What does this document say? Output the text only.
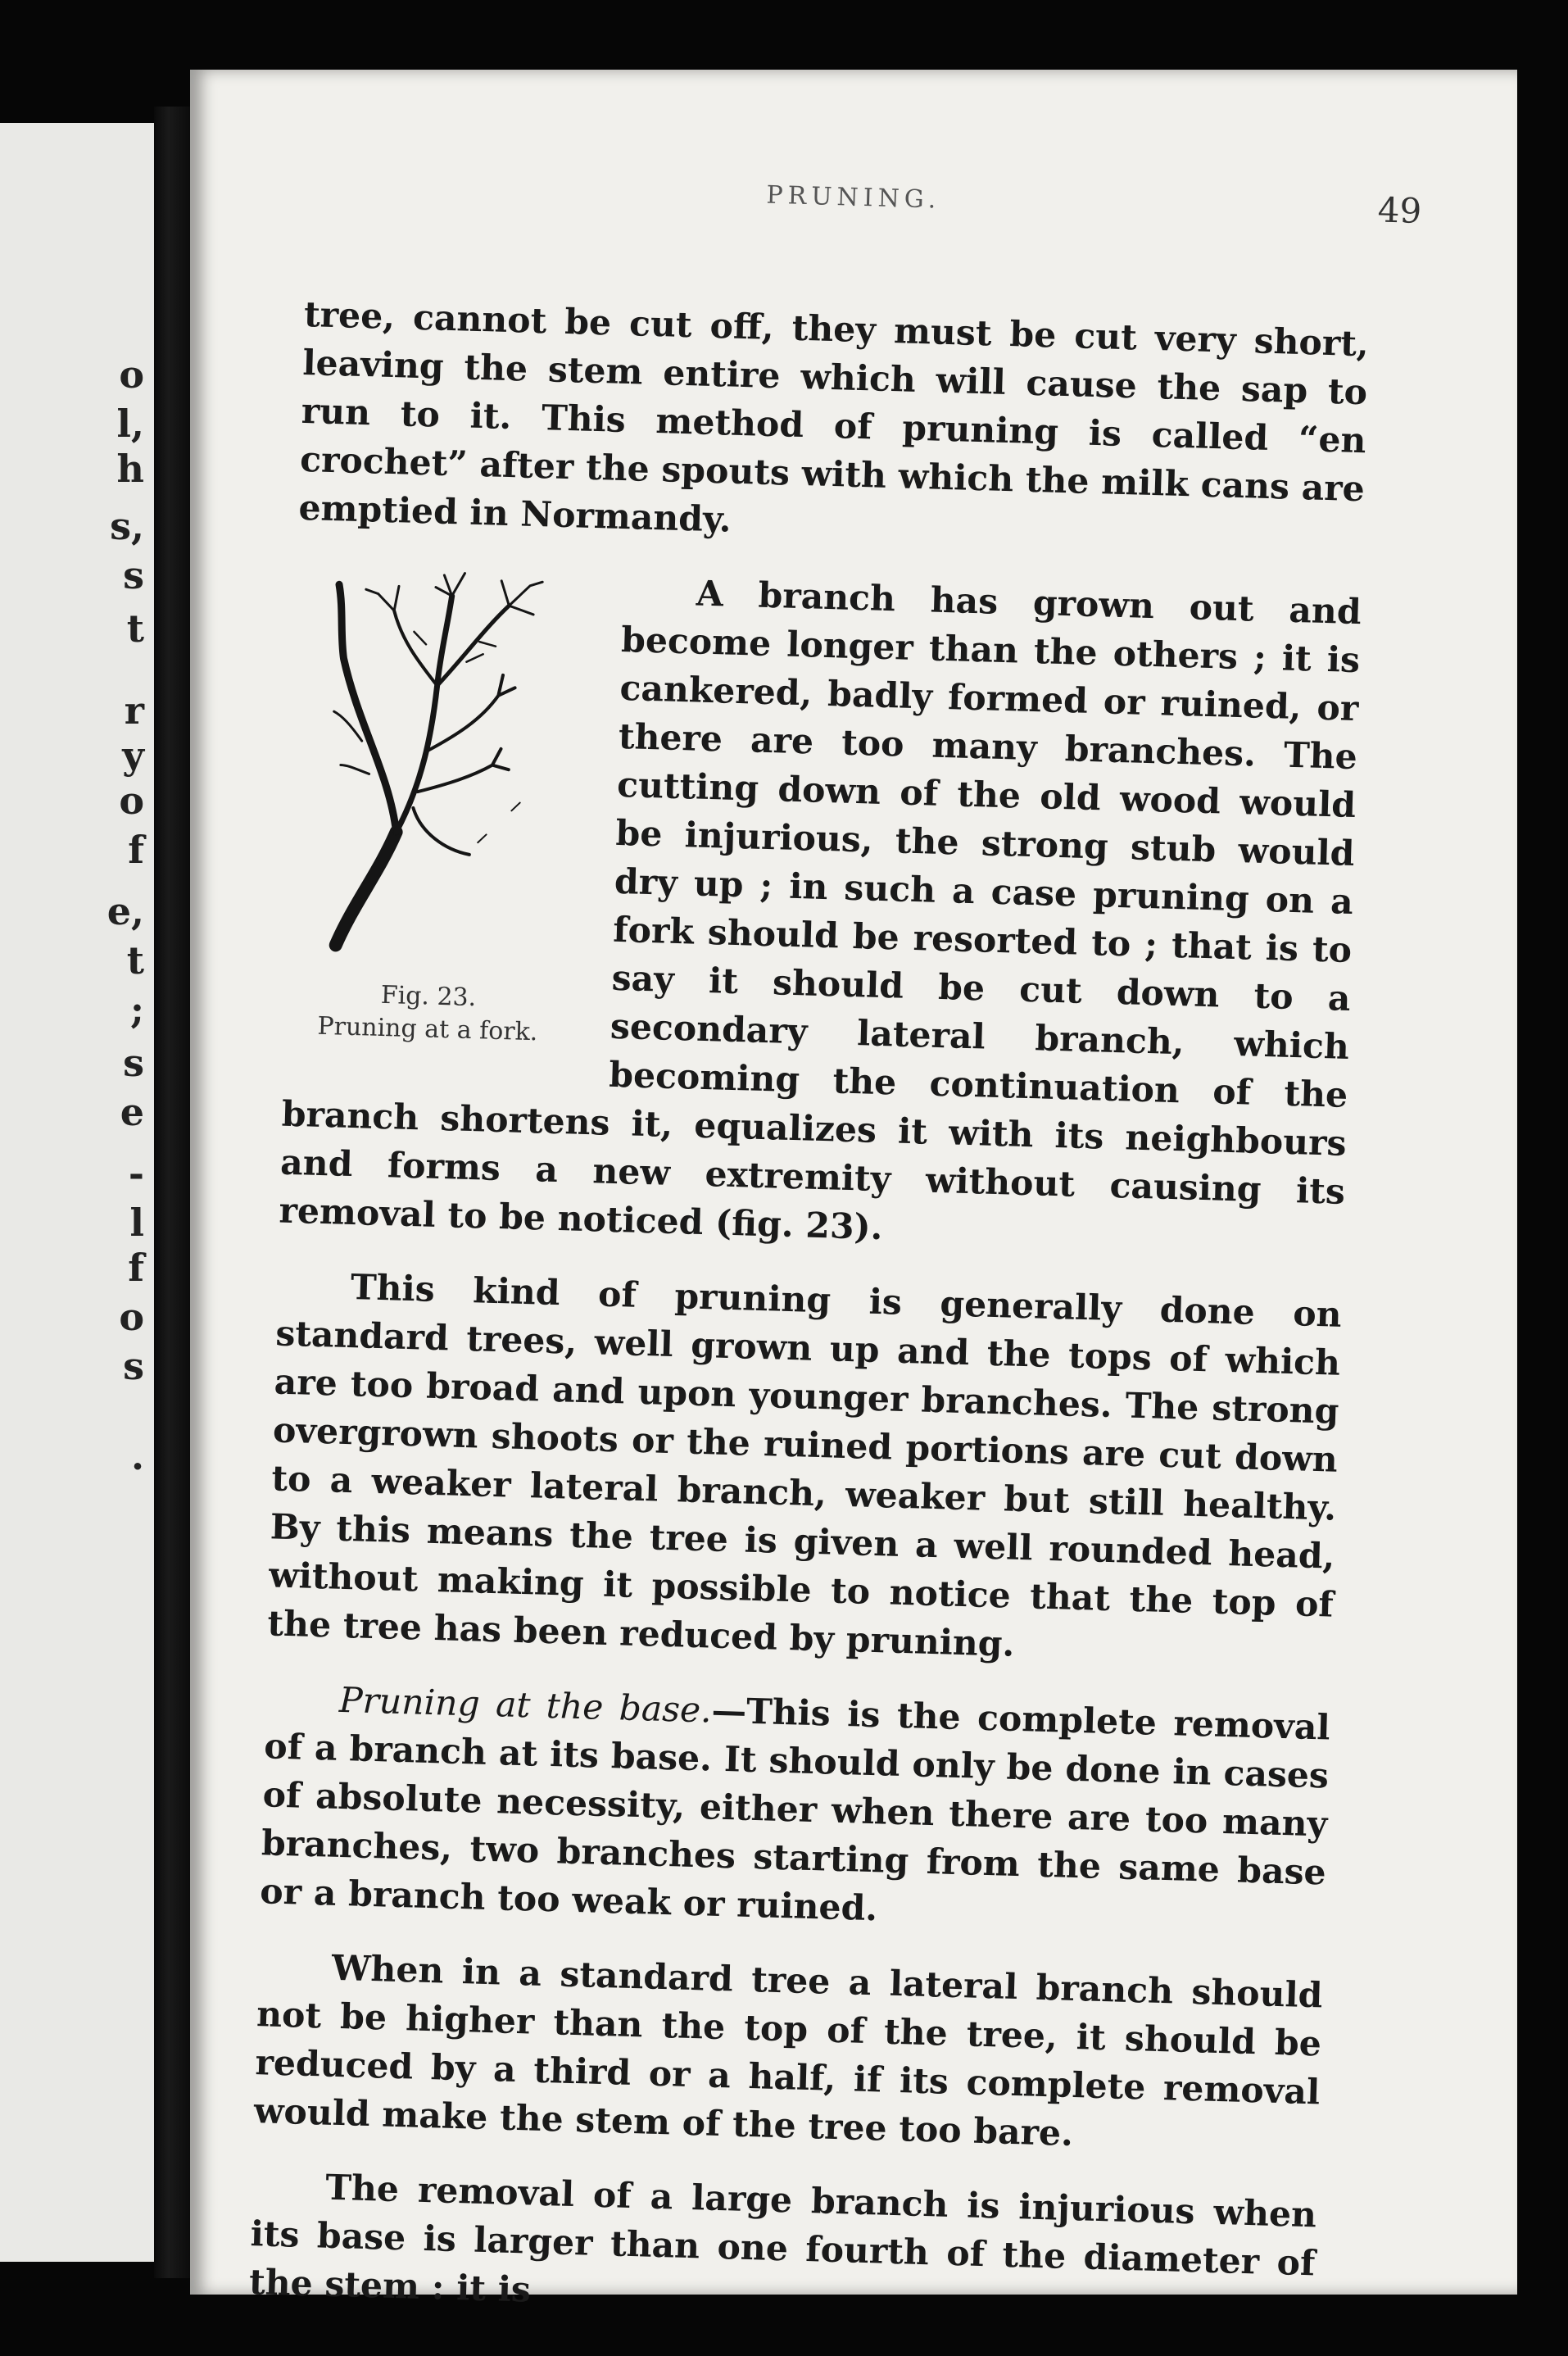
o
l,
h
s,
s
t
r
y
o
f
e,
t
;
s
e
-
l
f
o
s
.
PRUNING.	49

tree, cannot be cut off, they must be cut very short, leaving the stem entire which will cause the sap to run to it. This method of pruning is called “en crochet” after the spouts with which the milk cans are emptied in Normandy.

Fig. 23.
Pruning at a fork.

A branch has grown out and become longer than the others ; it is cankered, badly formed or ruined, or there are too many branches. The cutting down of the old wood would be injurious, the strong stub would dry up ; in such a case pruning on a fork should be resorted to ; that is to say it should be cut down to a secondary lateral branch, which becoming the continuation of the branch shortens it, equalizes it with its neighbours and forms a new extremity without causing its removal to be noticed (fig. 23).

This kind of pruning is generally done on standard trees, well grown up and the tops of which are too broad and upon younger branches. The strong overgrown shoots or the ruined portions are cut down to a weaker lateral branch, weaker but still healthy. By this means the tree is given a well rounded head, without making it possible to notice that the top of the tree has been reduced by pruning.

Pruning at the base.—This is the complete removal of a branch at its base. It should only be done in cases of absolute necessity, either when there are too many branches, two branches starting from the same base or a branch too weak or ruined.

When in a standard tree a lateral branch should not be higher than the top of the tree, it should be reduced by a third or a half, if its complete removal would make the stem of the tree too bare.

The removal of a large branch is injurious when its base is larger than one fourth of the diameter of the stem : it is
